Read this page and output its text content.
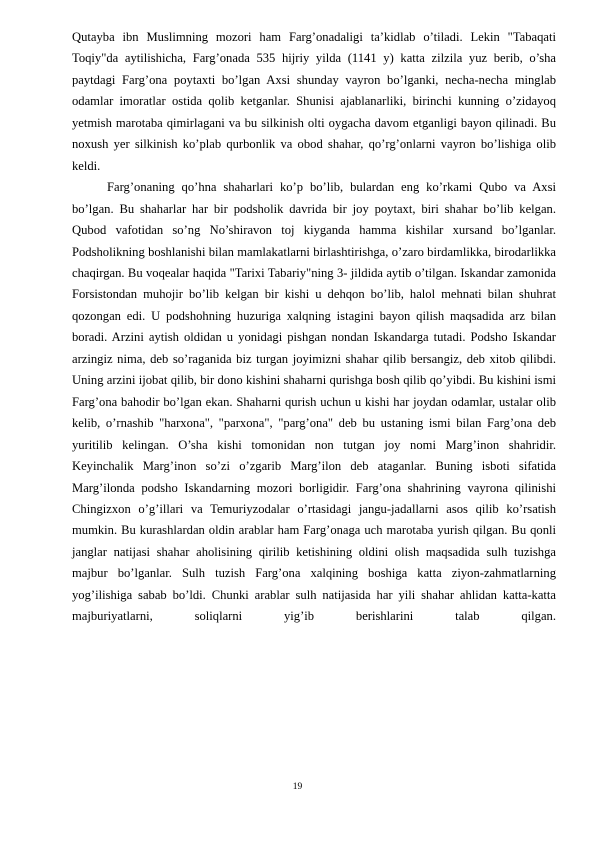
Qutayba ibn Muslimning mozori ham Farg’onadaligi ta’kidlab o’tiladi. Lekin "Tabaqati Toqiy"da aytilishicha, Farg’onada 535 hijriy yilda (1141 y) katta zilzila yuz berib, o’sha paytdagi Farg’ona poytaxti bo’lgan Axsi shunday vayron bo’lganki, necha-necha minglab odamlar imoratlar ostida qolib ketganlar. Shunisi ajablanarliki, birinchi kunning o’zidayoq yetmish marotaba qimirlagani va bu silkinish olti oygacha davom etganligi bayon qilinadi. Bu noxush yer silkinish ko’plab qurbonlik va obod shahar, qo’rg’onlarni vayron bo’lishiga olib keldi.

Farg’onaning qo’hna shaharlari ko’p bo’lib, bulardan eng ko’rkami Qubo va Axsi bo’lgan. Bu shaharlar har bir podsholik davrida bir joy poytaxt, biri shahar bo’lib kelgan. Qubod vafotidan so’ng No’shiravon toj kiyganda hamma kishilar xursand bo’lganlar. Podsholikning boshlanishi bilan mamlakatlarni birlashtirishga, o’zaro birdamlikka, birodarlikka chaqirgan. Bu voqealar haqida "Tarixi Tabariy"ning 3- jildida aytib o’tilgan. Iskandar zamonida Forsistondan muhojir bo’lib kelgan bir kishi u dehqon bo’lib, halol mehnati bilan shuhrat qozongan edi. U podshohning huzuriga xalqning istagini bayon qilish maqsadida arz bilan boradi. Arzini aytish oldidan u yonidagi pishgan nondan Iskandarga tutadi. Podsho Iskandar arzingiz nima, deb so’raganida biz turgan joyimizni shahar qilib bersangiz, deb xitob qilibdi. Uning arzini ijobat qilib, bir dono kishini shaharni qurishga bosh qilib qo’yibdi. Bu kishini ismi Farg’ona bahodir bo’lgan ekan. Shaharni qurish uchun u kishi har joydan odamlar, ustalar olib kelib, o’rnashib "harxona", "parxona", "parg’ona" deb bu ustaning ismi bilan Farg’ona deb yuritilib kelingan. O’sha kishi tomonidan non tutgan joy nomi Marg’inon shahridir. Keyinchalik Marg’inon so’zi o’zgarib Marg’ilon deb ataganlar. Buning isboti sifatida Marg’ilonda podsho Iskandarning mozori borligidir. Farg’ona shahrining vayrona qilinishi Chingizxon o’g’illari va Temuriyzodalar o’rtasidagi jangu-jadallarni asos qilib ko’rsatish mumkin. Bu kurashlardan oldin arablar ham Farg’onaga uch marotaba yurish qilgan. Bu qonli janglar natijasi shahar aholisining qirilib ketishining oldini olish maqsadida sulh tuzishga majbur bo’lganlar. Sulh tuzish Farg’ona xalqining boshiga katta ziyon-zahmatlarning yog’ilishiga sabab bo’ldi. Chunki arablar sulh natijasida har yili shahar ahlidan katta-katta majburiyatlarni, soliqlarni yig’ib berishlarini talab qilgan.

19
